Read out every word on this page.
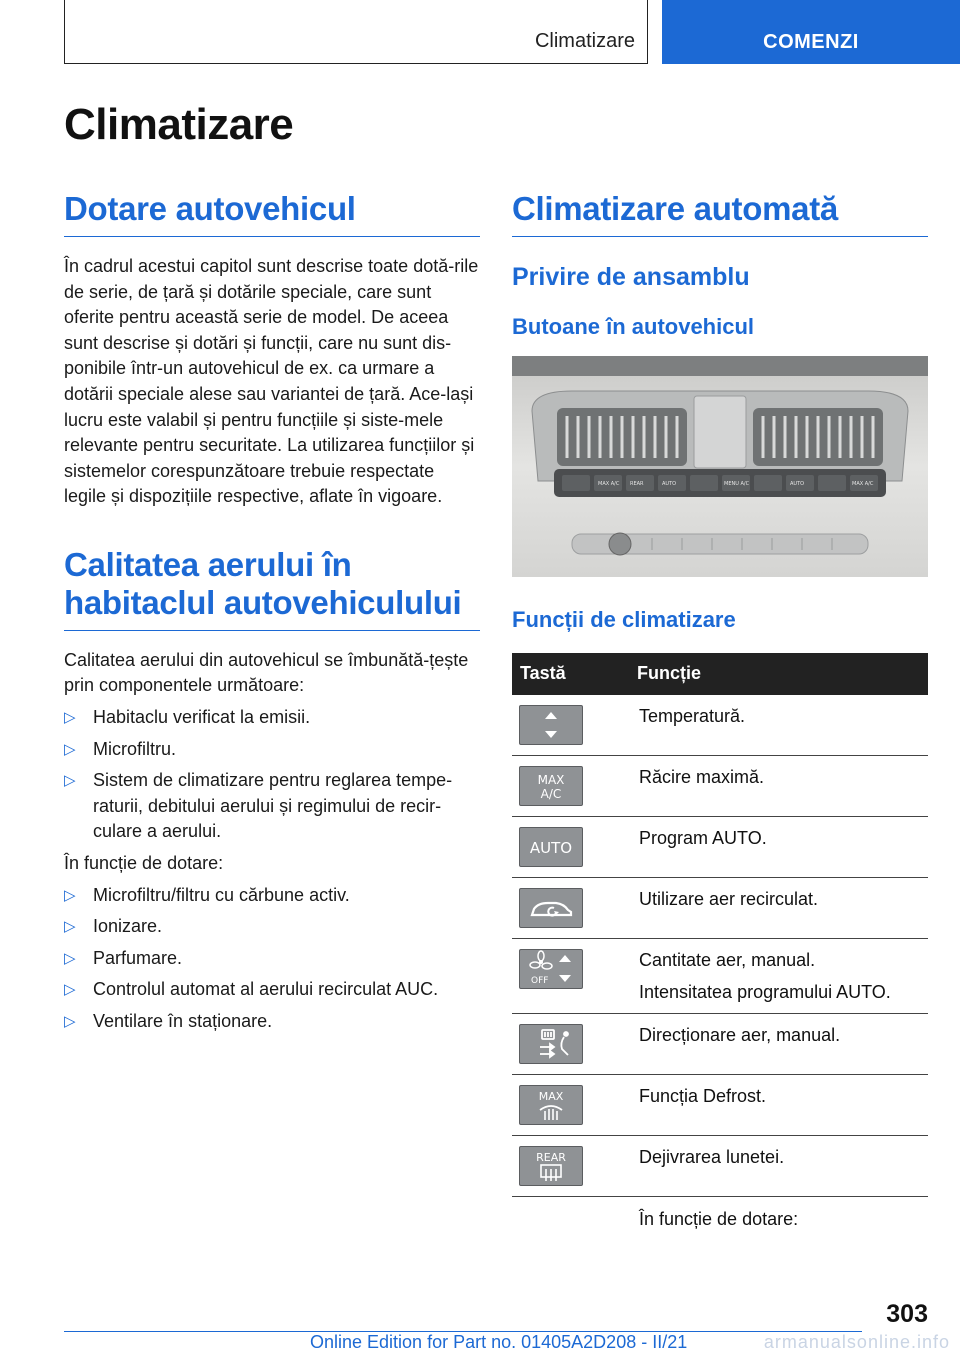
Climatizare	COMENZI
Climatizare
Dotare autovehicul

În cadrul acestui capitol sunt descrise toate dotă-rile de serie, de țară și dotările speciale, care sunt oferite pentru această serie de model. De aceea sunt descrise și dotări și funcții, care nu sunt dis-ponibile într-un autovehicul de ex. ca urmare a dotării speciale alese sau variantei de țară. Ace-lași lucru este valabil și pentru funcțiile și siste-mele relevante pentru securitate. La utilizarea funcțiilor și sistemelor corespunzătoare trebuie respectate legile și dispozițiile respective, aflate în vigoare.

Calitatea aerului în habitaclul autovehiculului

Calitatea aerului din autovehicul se îmbunătă-țește prin componentele următoare:

▷ Habitaclu verificat la emisii.
▷ Microfiltru.
▷ Sistem de climatizare pentru reglarea tempe-raturii, debitului aerului și regimului de recir-culare a aerului.

În funcție de dotare:

▷ Microfiltru/filtru cu cărbune activ.
▷ Ionizare.
▷ Parfumare.
▷ Controlul automat al aerului recirculat AUC.
▷ Ventilare în staționare.
Climatizare automată
Privire de ansamblu
Butoane în autovehicul
MAX A/C REAR	AUTO	MENU A/C	AUTO	MAX A/C
Funcții de climatizare
Tastă	Funcție

Temperatură.

MAX
A/C	Răcire maximă.

AUTO	Program AUTO.

Utilizare aer recirculat.

OFF	Cantitate aer, manual.
Intensitatea programului AUTO.

Direcționare aer, manual.

MAX	Funcția Defrost.

REAR	Dejivrarea lunetei.

	În funcție de dotare:
303
Online Edition for Part no. 01405A2D208 - II/21	armanualsonline.info
